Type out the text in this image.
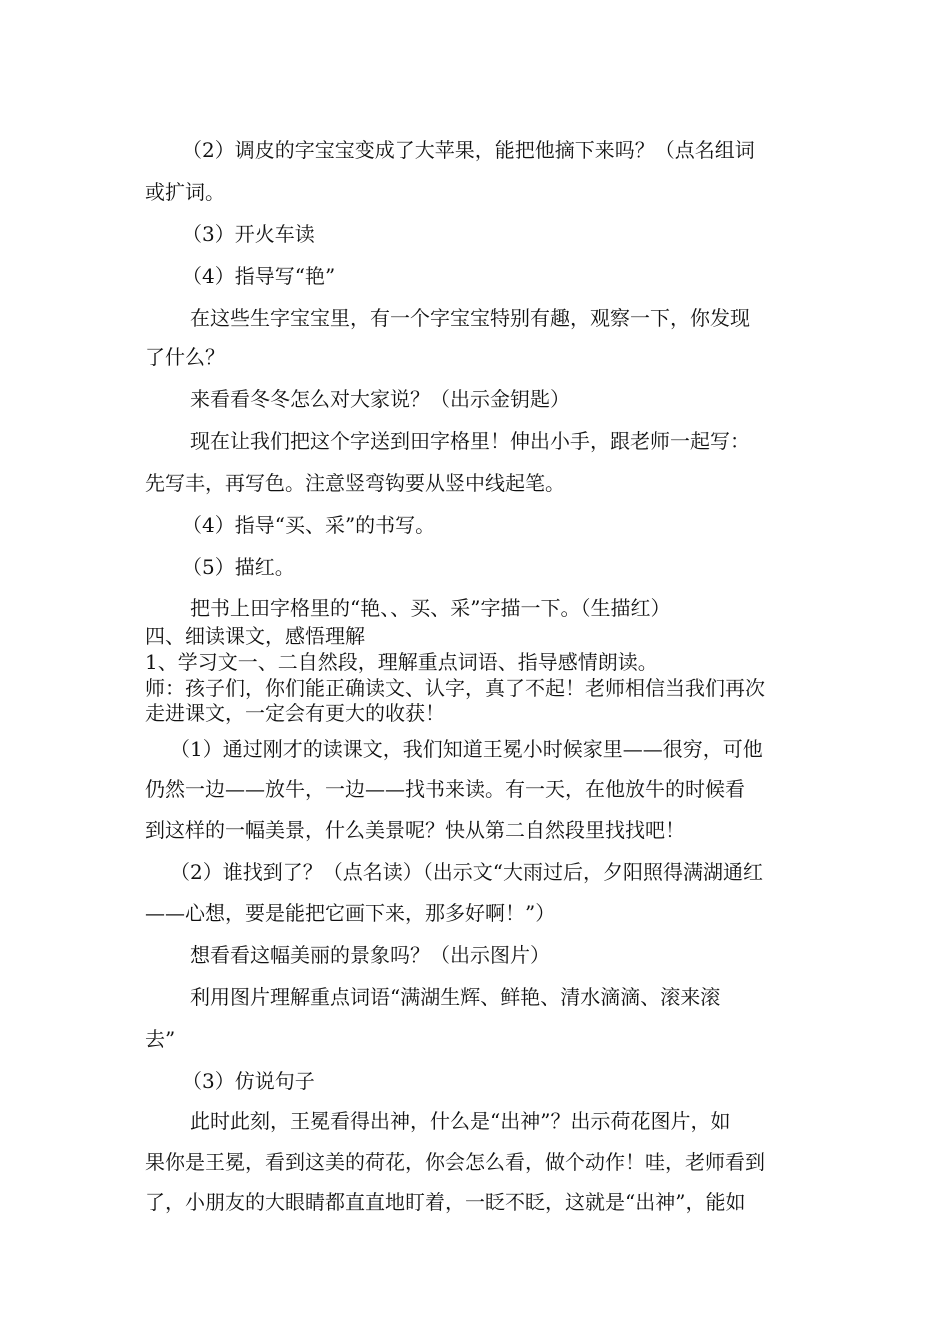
（2）调皮的字宝宝变成了大苹果，能把他摘下来吗？（点名组词
或扩词。
（3）开火车读
（4）指导写“艳”
在这些生字宝宝里，有一个字宝宝特别有趣，观察一下，你发现
了什么？
来看看冬冬怎么对大家说？（出示金钥匙）
现在让我们把这个字送到田字格里！伸出小手，跟老师一起写：
先写丰，再写色。注意竖弯钩要从竖中线起笔。
（4）指导“买、采”的书写。
（5）描红。
把书上田字格里的“艳、、买、采”字描一下。（生描红）
四、细读课文，感悟理解
1、学习文一、二自然段，理解重点词语、指导感情朗读。
师：孩子们，你们能正确读文、认字，真了不起！老师相信当我们再次
走进课文，一定会有更大的收获！
（1）通过刚才的读课文，我们知道王冕小时候家里——很穷，可他
仍然一边——放牛，一边——找书来读。有一天，在他放牛的时候看
到这样的一幅美景，什么美景呢？快从第二自然段里找找吧！
（2）谁找到了？（点名读）（出示文“大雨过后，夕阳照得满湖通红
——心想，要是能把它画下来，那多好啊！”）
想看看这幅美丽的景象吗？（出示图片）
利用图片理解重点词语“满湖生辉、鲜艳、清水滴滴、滚来滚
去”
（3）仿说句子
此时此刻，王冕看得出神，什么是“出神”？出示荷花图片，如
果你是王冕，看到这美的荷花，你会怎么看，做个动作！哇，老师看到
了，小朋友的大眼睛都直直地盯着，一眨不眨，这就是“出神”，能如
